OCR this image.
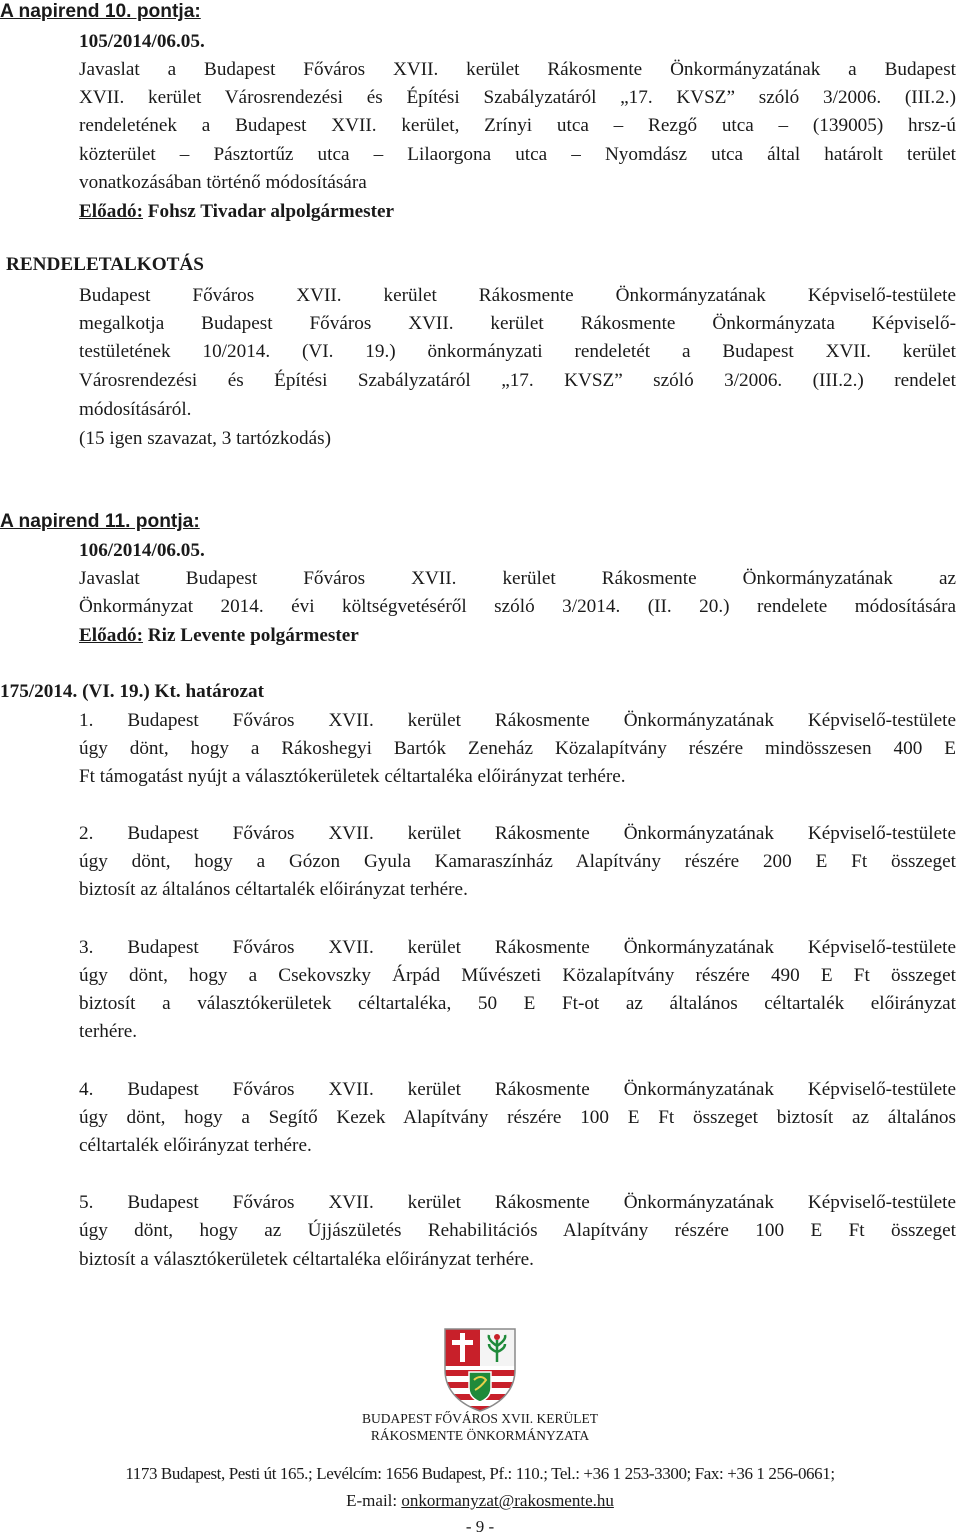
A napirend 10. pontja:
105/2014/06.05.
Javaslat a Budapest Főváros XVII. kerület Rákosmente Önkormányzatának a Budapest
XVII. kerület Városrendezési és Építési Szabályzatáról „17. KVSZ” szóló 3/2006. (III.2.)
rendeletének a Budapest XVII. kerület, Zrínyi utca – Rezgő utca – (139005) hrsz-ú
közterület – Pásztortűz utca – Lilaorgona utca – Nyomdász utca által határolt terület
vonatkozásában történő módosítására
Előadó: Fohsz Tivadar alpolgármester
RENDELETALKOTÁS
Budapest Főváros XVII. kerület Rákosmente Önkormányzatának Képviselő-testülete
megalkotja Budapest Főváros XVII. kerület Rákosmente Önkormányzata Képviselő-
testületének 10/2014. (VI. 19.) önkormányzati rendeletét a Budapest XVII. kerület
Városrendezési és Építési Szabályzatáról „17. KVSZ” szóló 3/2006. (III.2.) rendelet
módosításáról.
(15 igen szavazat, 3 tartózkodás)
A napirend 11. pontja:
106/2014/06.05.
Javaslat Budapest Főváros XVII. kerület Rákosmente Önkormányzatának az
Önkormányzat 2014. évi költségvetéséről szóló 3/2014. (II. 20.) rendelete módosítására
Előadó: Riz Levente polgármester
175/2014. (VI. 19.) Kt. határozat
1. Budapest Főváros XVII. kerület Rákosmente Önkormányzatának Képviselő-testülete
úgy dönt, hogy a Rákoshegyi Bartók Zeneház Közalapítvány részére mindösszesen 400 E
Ft támogatást nyújt a választókerületek céltartaléka előirányzat terhére.
2. Budapest Főváros XVII. kerület Rákosmente Önkormányzatának Képviselő-testülete
úgy dönt, hogy a Gózon Gyula Kamaraszínház Alapítvány részére 200 E Ft összeget
biztosít az általános céltartalék előirányzat terhére.
3. Budapest Főváros XVII. kerület Rákosmente Önkormányzatának Képviselő-testülete
úgy dönt, hogy a Csekovszky Árpád Művészeti Közalapítvány részére 490 E Ft összeget
biztosít a választókerületek céltartaléka, 50 E Ft-ot az általános céltartalék előirányzat
terhére.
4. Budapest Főváros XVII. kerület Rákosmente Önkormányzatának Képviselő-testülete
úgy dönt, hogy a Segítő Kezek Alapítvány részére 100 E Ft összeget biztosít az általános
céltartalék előirányzat terhére.
5. Budapest Főváros XVII. kerület Rákosmente Önkormányzatának Képviselő-testülete
úgy dönt, hogy az Újjászületés Rehabilitációs Alapítvány részére 100 E Ft összeget
biztosít a választókerületek céltartaléka előirányzat terhére.
BUDAPEST FŐVÁROS XVII. KERÜLET
RÁKOSMENTE ÖNKORMÁNYZATA
1173 Budapest, Pesti út 165.; Levélcím: 1656 Budapest, Pf.: 110.; Tel.: +36 1 253-3300; Fax: +36 1 256-0661;
E-mail: onkormanyzat@rakosmente.hu
- 9 -
